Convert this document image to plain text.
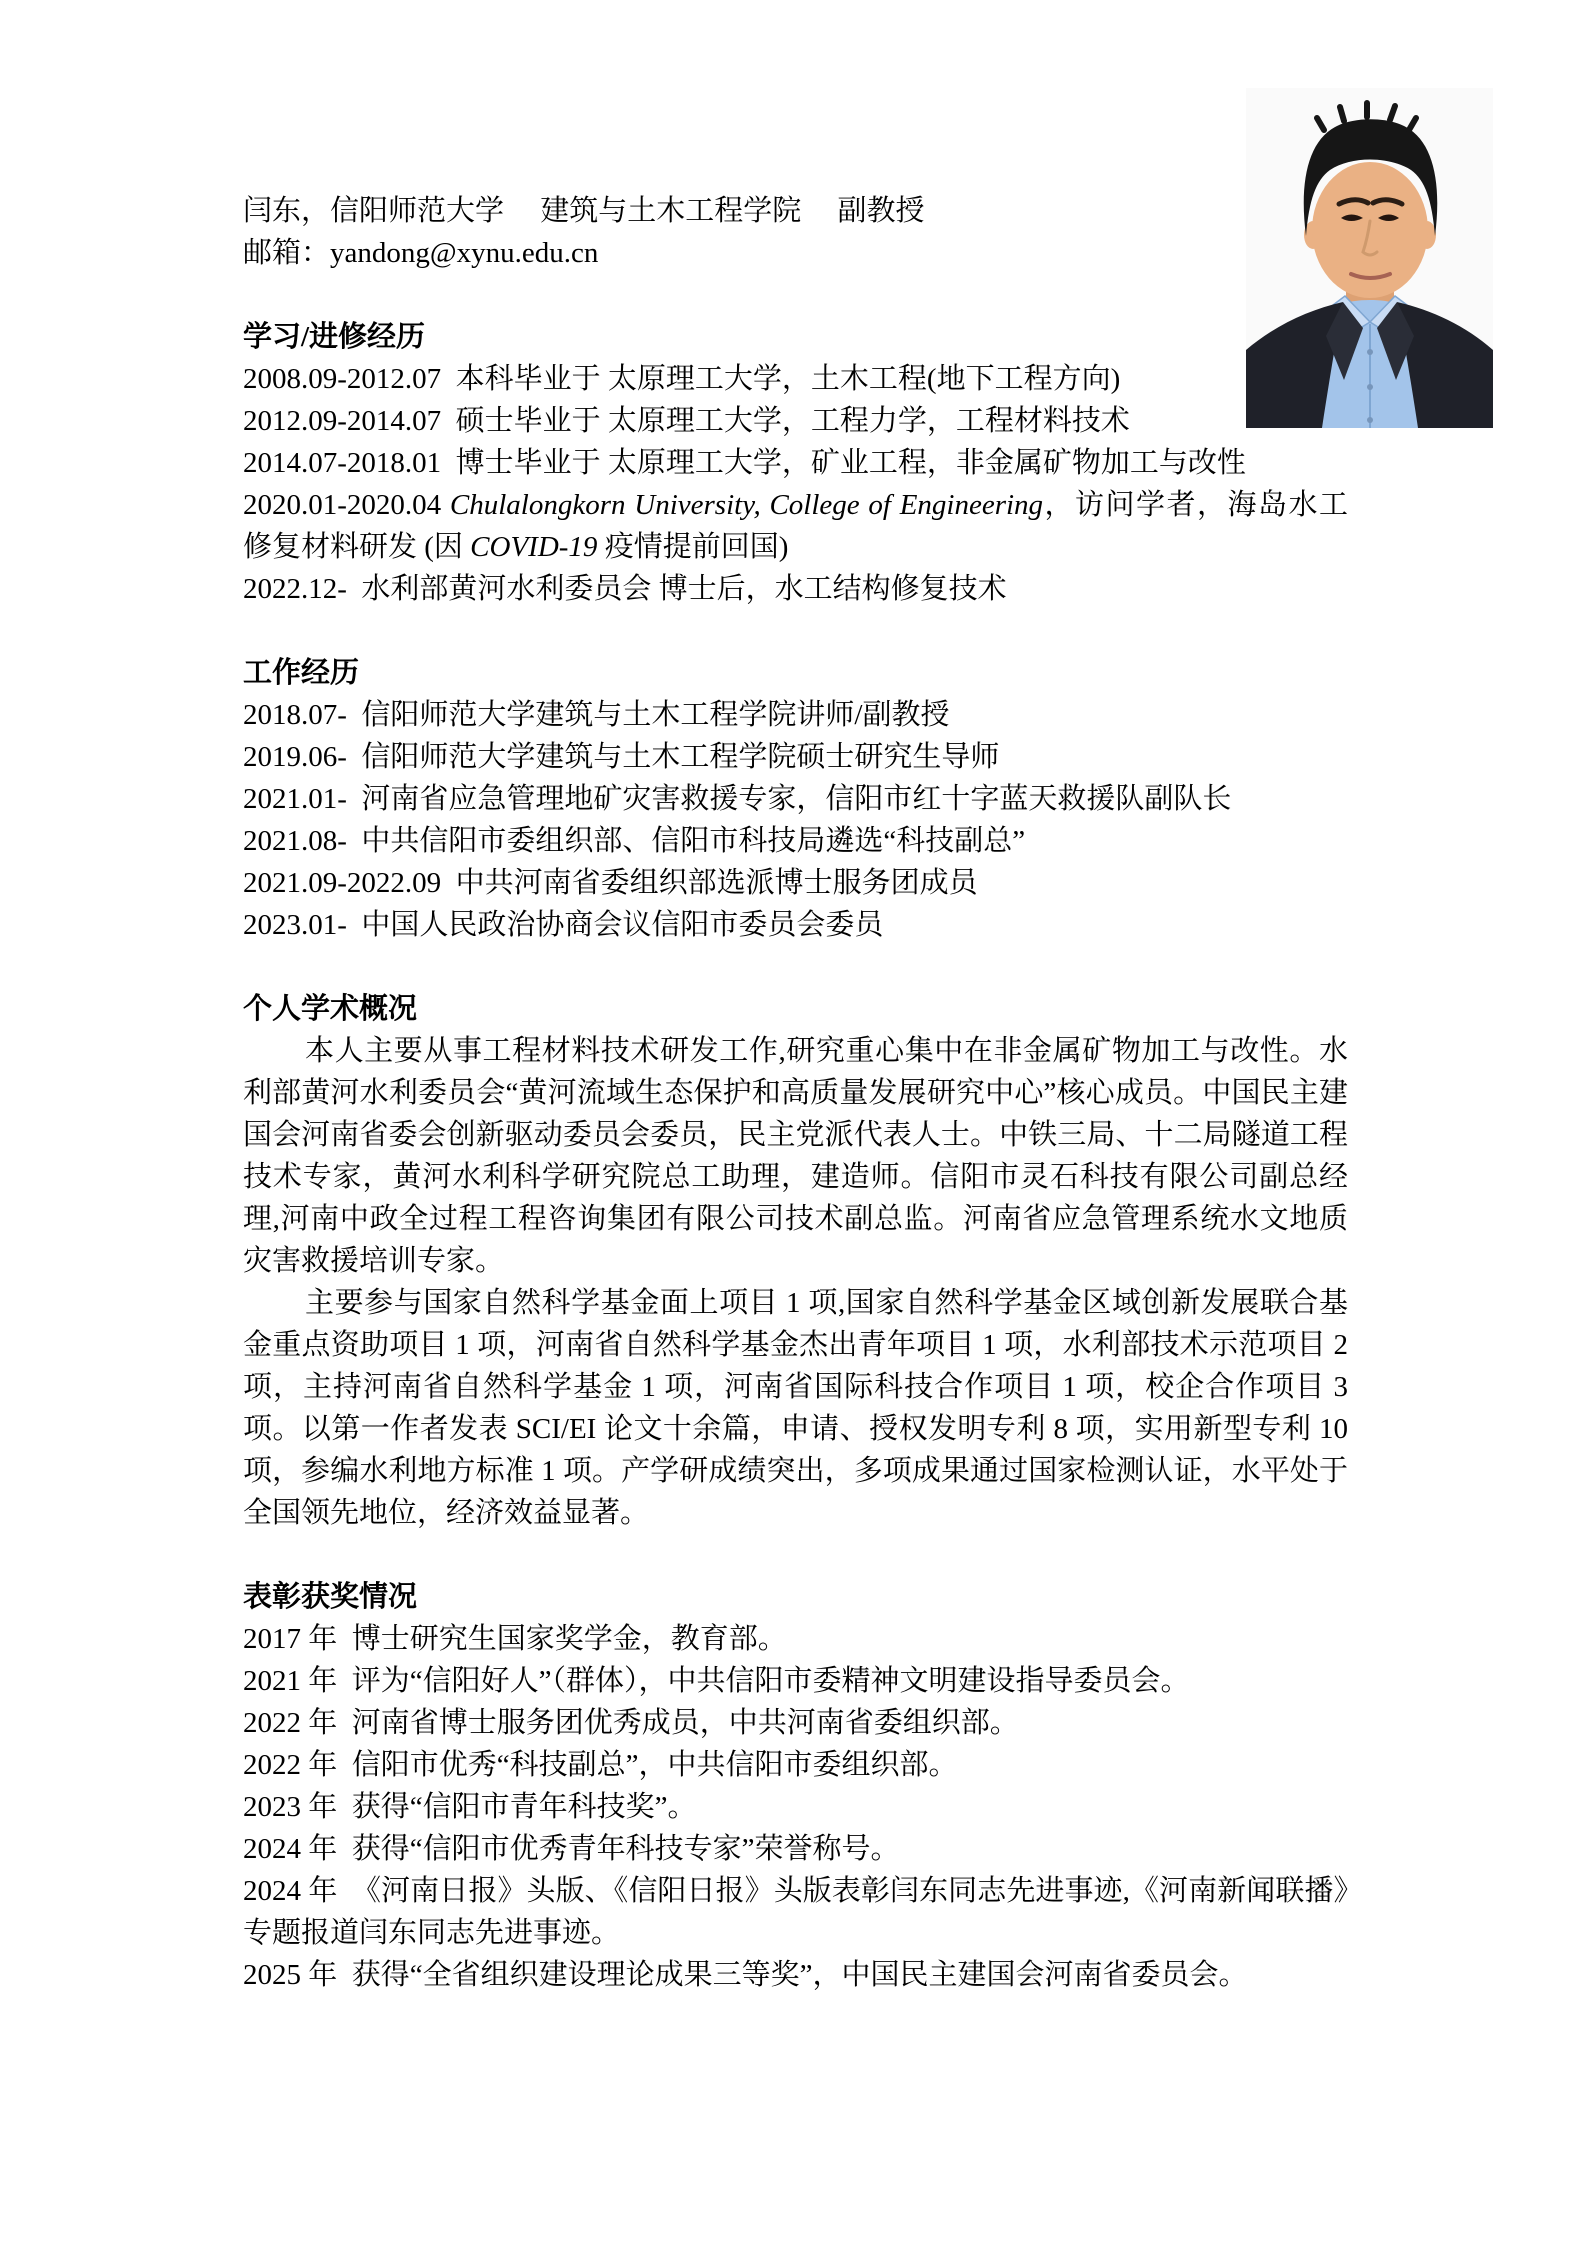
闫东，信阳师范大学     建筑与土木工程学院     副教授

邮箱：yandong@xynu.edu.cn

学习/进修经历

2008.09-2012.07  本科毕业于 太原理工大学，土木工程(地下工程方向)

2012.09-2014.07  硕士毕业于 太原理工大学，工程力学，工程材料技术

2014.07-2018.01  博士毕业于 太原理工大学，矿业工程，非金属矿物加工与改性

2020.01-2020.04 Chulalongkorn University, College of Engineering，访问学者，海岛水工修复材料研发 (因 COVID-19 疫情提前回国)

2022.12-  水利部黄河水利委员会 博士后，水工结构修复技术

工作经历

2018.07-  信阳师范大学建筑与土木工程学院讲师/副教授

2019.06-  信阳师范大学建筑与土木工程学院硕士研究生导师

2021.01-  河南省应急管理地矿灾害救援专家，信阳市红十字蓝天救援队副队长

2021.08-  中共信阳市委组织部、信阳市科技局遴选“科技副总”

2021.09-2022.09  中共河南省委组织部选派博士服务团成员

2023.01-  中国人民政治协商会议信阳市委员会委员

个人学术概况

本人主要从事工程材料技术研发工作,研究重心集中在非金属矿物加工与改性。水利部黄河水利委员会“黄河流域生态保护和高质量发展研究中心”核心成员。中国民主建国会河南省委会创新驱动委员会委员，民主党派代表人士。中铁三局、十二局隧道工程技术专家，黄河水利科学研究院总工助理，建造师。信阳市灵石科技有限公司副总经理,河南中政全过程工程咨询集团有限公司技术副总监。河南省应急管理系统水文地质灾害救援培训专家。

主要参与国家自然科学基金面上项目 1 项,国家自然科学基金区域创新发展联合基金重点资助项目 1 项，河南省自然科学基金杰出青年项目 1 项，水利部技术示范项目 2 项，主持河南省自然科学基金 1 项，河南省国际科技合作项目 1 项，校企合作项目 3 项。以第一作者发表 SCI/EI 论文十余篇，申请、授权发明专利 8 项，实用新型专利 10 项，参编水利地方标准 1 项。产学研成绩突出，多项成果通过国家检测认证，水平处于全国领先地位，经济效益显著。

表彰获奖情况

2017 年  博士研究生国家奖学金，教育部。

2021 年  评为“信阳好人”（群体），中共信阳市委精神文明建设指导委员会。

2022 年  河南省博士服务团优秀成员，中共河南省委组织部。

2022 年  信阳市优秀“科技副总”，中共信阳市委组织部。

2023 年  获得“信阳市青年科技奖”。

2024 年  获得“信阳市优秀青年科技专家”荣誉称号。

2024 年  《河南日报》头版、《信阳日报》头版表彰闫东同志先进事迹,《河南新闻联播》专题报道闫东同志先进事迹。

2025 年  获得“全省组织建设理论成果三等奖”，中国民主建国会河南省委员会。
